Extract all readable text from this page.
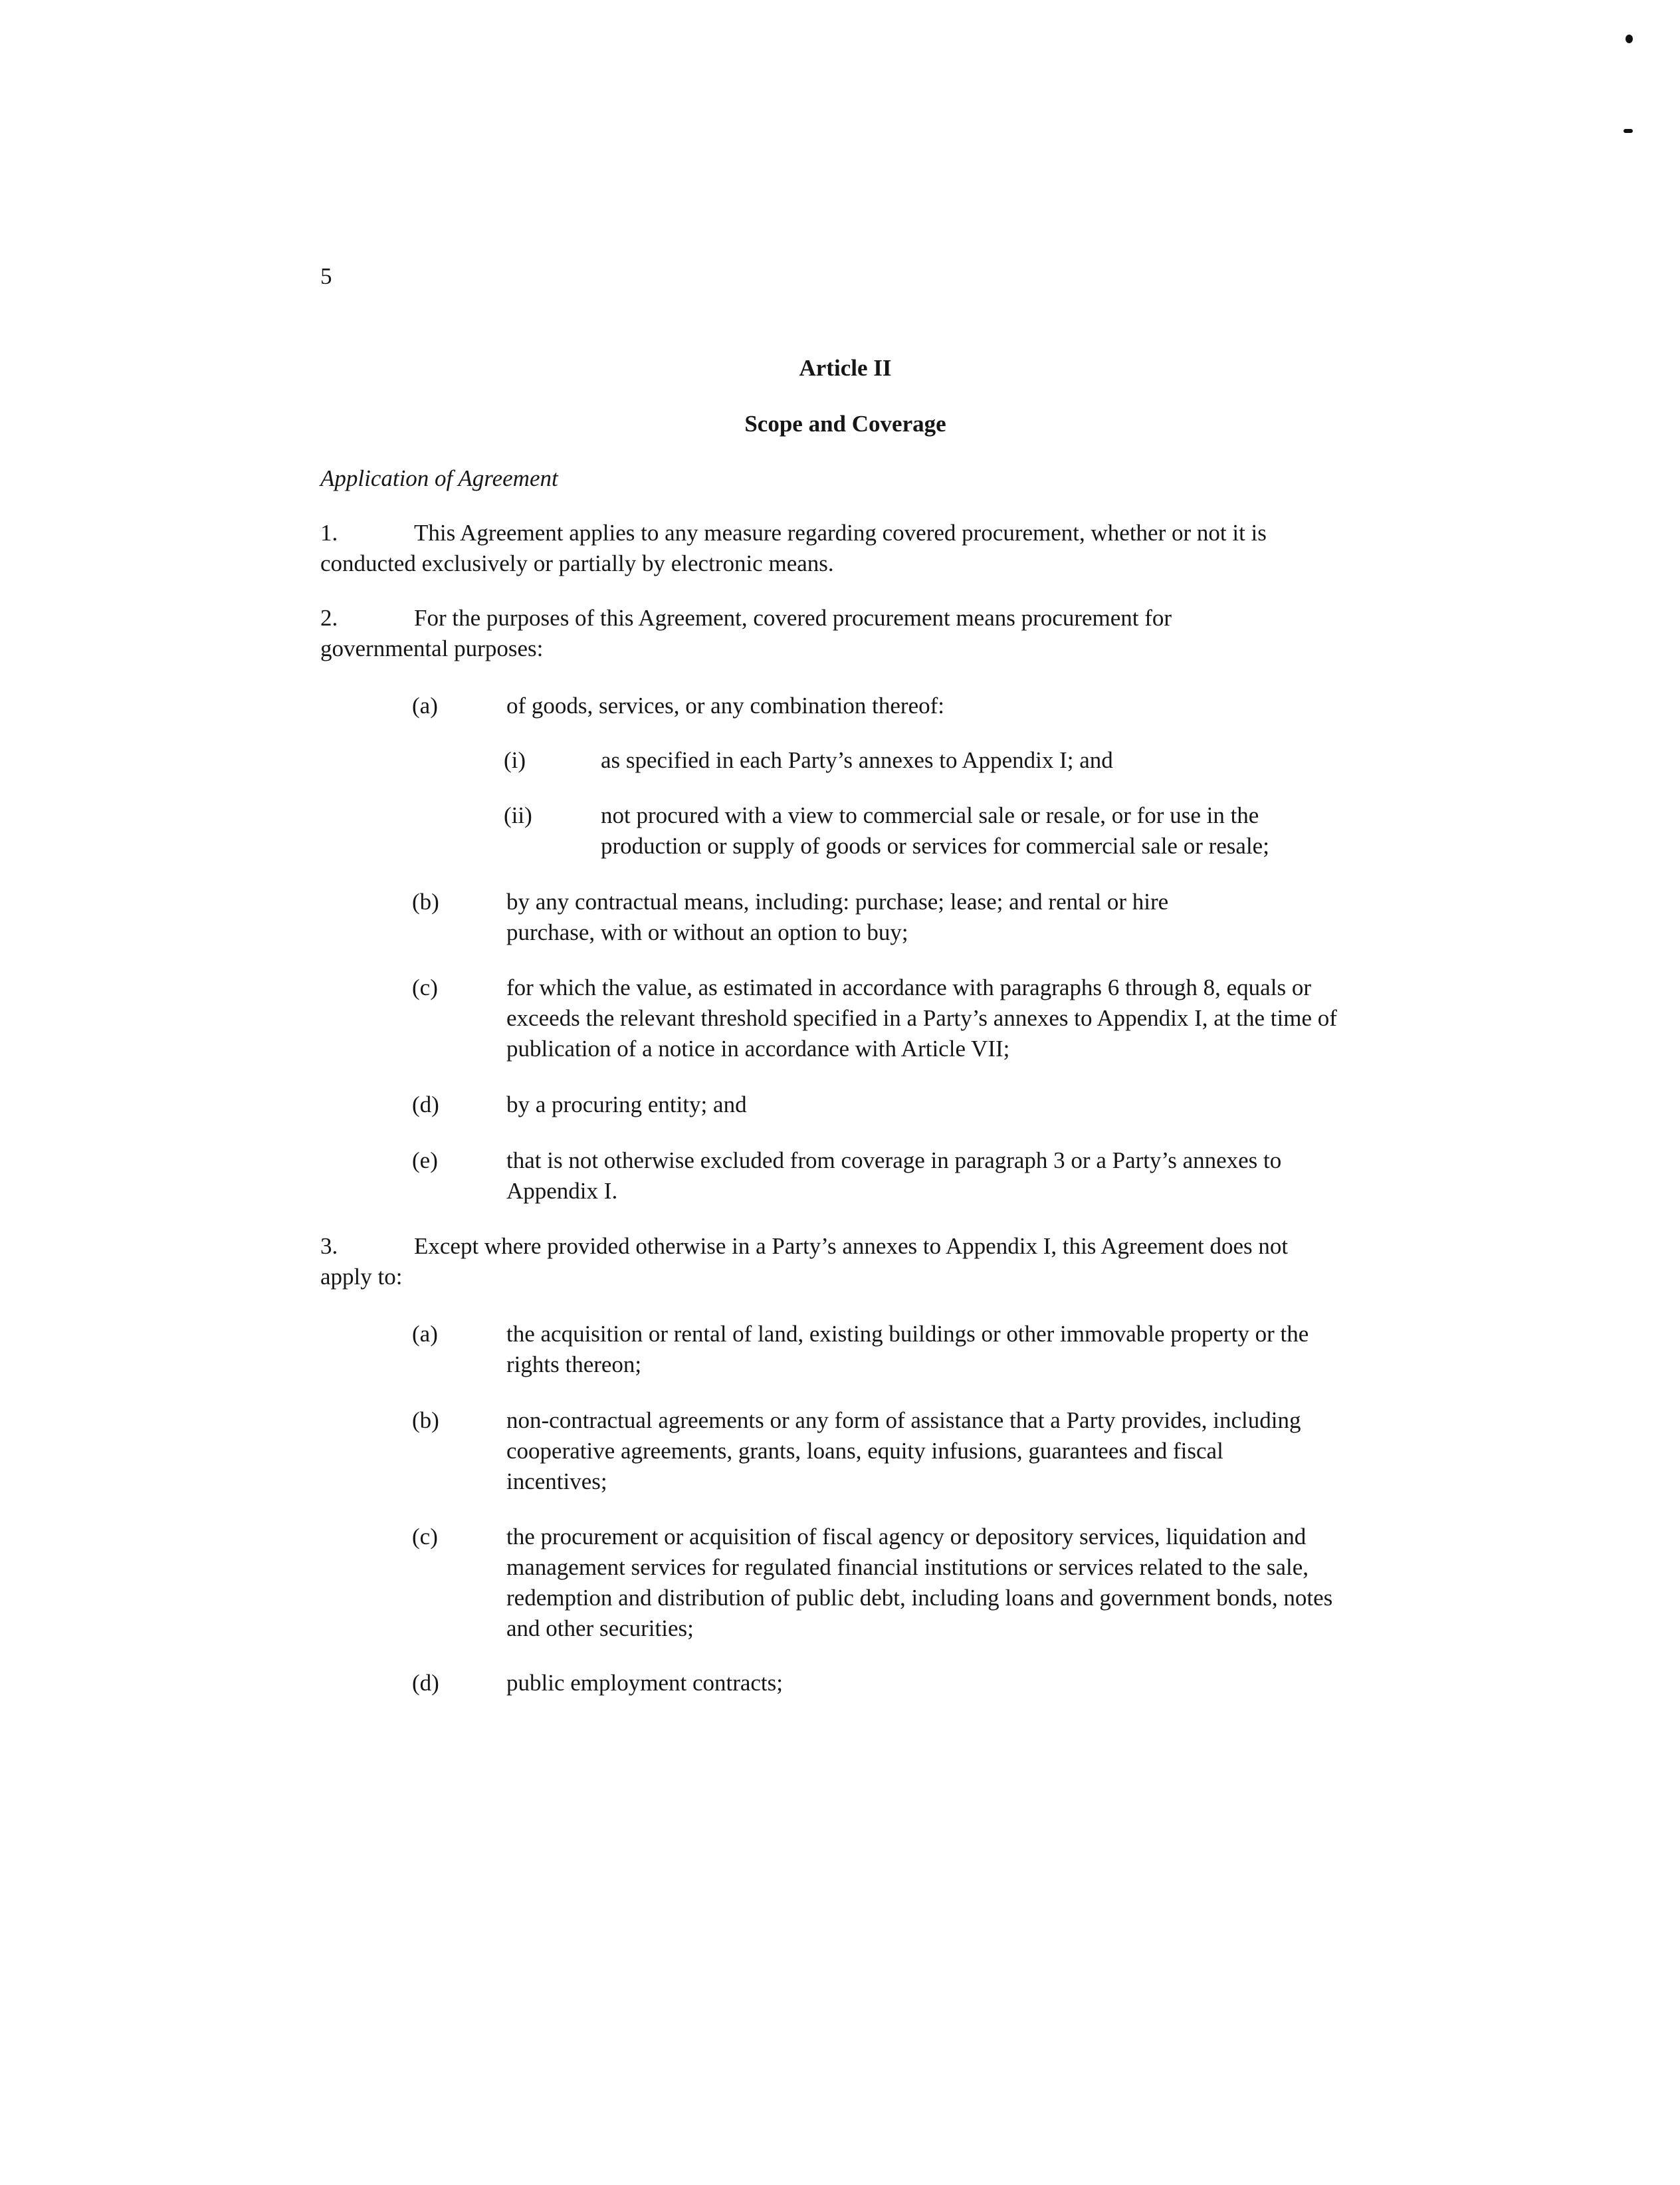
5

Article II
Scope and Coverage

Application of Agreement

1.	This Agreement applies to any measure regarding covered procurement, whether or not it is conducted exclusively or partially by electronic means.
2.	For the purposes of this Agreement, covered procurement means procurement for governmental purposes:
(a)	of goods, services, or any combination thereof:
(i)	as specified in each Party’s annexes to Appendix I; and
(ii)	not procured with a view to commercial sale or resale, or for use in the production or supply of goods or services for commercial sale or resale;
(b)	by any contractual means, including: purchase; lease; and rental or hire purchase, with or without an option to buy;
(c)	for which the value, as estimated in accordance with paragraphs 6 through 8, equals or exceeds the relevant threshold specified in a Party’s annexes to Appendix I, at the time of publication of a notice in accordance with Article VII;
(d)	by a procuring entity; and
(e)	that is not otherwise excluded from coverage in paragraph 3 or a Party’s annexes to Appendix I.
3.	Except where provided otherwise in a Party’s annexes to Appendix I, this Agreement does not apply to:
(a)	the acquisition or rental of land, existing buildings or other immovable property or the rights thereon;
(b)	non-contractual agreements or any form of assistance that a Party provides, including cooperative agreements, grants, loans, equity infusions, guarantees and fiscal incentives;
(c)	the procurement or acquisition of fiscal agency or depository services, liquidation and management services for regulated financial institutions or services related to the sale, redemption and distribution of public debt, including loans and government bonds, notes and other securities;
(d)	public employment contracts;
